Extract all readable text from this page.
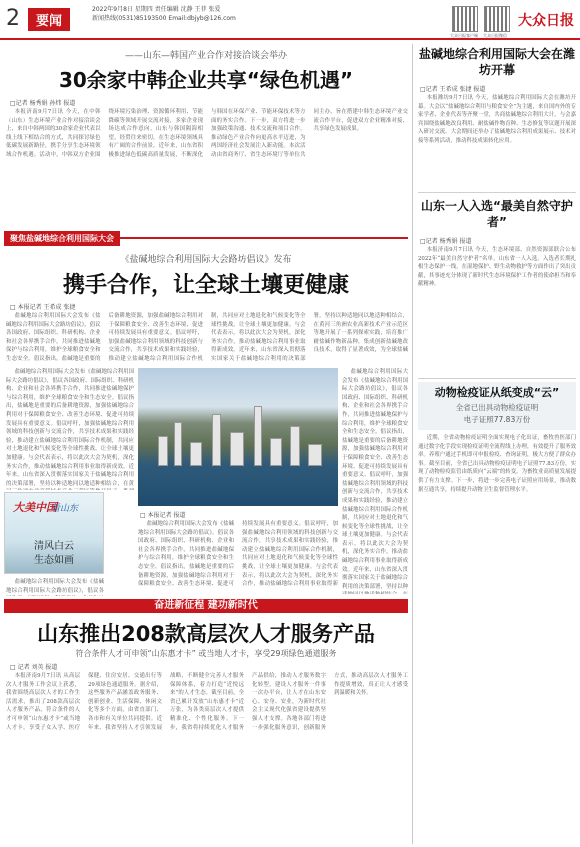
2	要闻
2022年9月8日 星期四 责任编辑 沈静 王菲 张爱
新闻热线(0531)85193500 Email:dbjyb@126.com
大众日报客户端 大众日报微信
大众日报
——山东—韩国产业合作对接洽谈会举办
30余家中韩企业共享“绿色机遇”
□记者 杨秀娟 孙炜 报道

本报济南9月7日讯 今天，在中韩（山东）生态环境产业合作对接洽谈会上，来自中韩两国的30余家企业代表以线上线下相结合的方式，共同探讨绿色低碳发展新路径，携手分享生态环境领域合作机遇。活动中，中韩双方企业围绕环境污染治理、资源循环利用、节能降碳等领域开展交流对接，多家企业现场达成合作意向。山东与韩国隔海相望，经贸往来密切，在生态环境领域具有广阔的合作前景。近年来，山东省积极推进绿色低碳高质量发展，不断深化与韩国在环保产业、节能环保技术等方面的务实合作。下一步，双方将进一步加强政策沟通、技术交流和项目合作，推动绿色产业合作向更高水平迈进，为两国经济社会发展注入新动能。本次活动由省商务厅、省生态环境厅等单位共同主办，旨在搭建中韩生态环境产业交流合作平台，促进双方企业精准对接，共享绿色发展成果。

聚焦盐碱地综合利用国际大会
《盐碱地综合利用国际大会路坊倡议》发布
携手合作，让全球土壤更健康
□ 本报记者 王希成 张捷

盐碱地综合利用国际大会发布《盐碱地综合利用国际大会路坊倡议》，倡议各国政府、国际组织、科研机构、企业和社会各界携手合作，共同推进盐碱地保护与综合利用，维护全球粮食安全和生态安全。倡议指出，盐碱地是重要的后备耕地资源，加强盐碱地综合利用对于保障粮食安全、改善生态环境、促进可持续发展具有重要意义。倡议呼吁，加强盐碱地综合利用领域的科技创新与交流合作，共享技术成果和实践经验，推动建立盐碱地综合利用国际合作机制，共同应对土地退化和气候变化等全球性挑战，让全球土壤更加健康。与会代表表示，将以此次大会为契机，深化务实合作，推动盐碱地综合利用事业取得新成效。近年来，山东省深入贯彻落实国家关于盐碱地综合利用的决策部署，坚持以种适地同以地适种相结合，在黄河三角洲农业高新技术产业示范区等地开展了一系列探索实践，培育推广耐盐碱作物新品种，集成创新盐碱地改良技术，取得了显著成效，为全球盐碱

盐碱地综合利用国际大会发布《盐碱地综合利用国际大会路坊倡议》，倡议各国政府、国际组织、科研机构、企业和社会各界携手合作，共同推进盐碱地保护与综合利用，维护全球粮食安全和生态安全。倡议指出，盐碱地是重要的后备耕地资源，加强盐碱地综合利用对于保障粮食安全、改善生态环境、促进可持续发展具有重要意义。倡议呼吁，加强盐碱地综合利用领域的科技创新与交流合作，共享技术成果和实践经验，推动建立盐碱地综合利用国际合作机制，共同应对土地退化和气候变化等全球性挑战，让全球土壤更加健康。与会代表表示，将以此次大会为契机，深化务实合作，推动盐碱地综合利用事业取得新成效。近年来，山东省深入贯彻落实国家关于盐碱地综合利用的决策部署，坚持以种适地同以地适种相结合，在黄

盐碱地综合利用国际大会发布《盐碱地综合利用国际大会路坊倡议》，倡议各国政府、国际组织、科研机构、企业和社会各界携手合作，共同推进盐碱地保护与综合利用，维护全球粮食安全和生态安全。倡议指出，盐碱地是重要的后备耕地资源，加强盐碱地综合利用对于保障粮食安全、改善生态环境、促进可持续发展具有重要意义。倡议呼吁，加强盐碱地综合利用领域的科技创新与交流合作，共享技术成果和实践经验，推动建立盐碱地综合利用国际合作机制，共同应对土地退化和气候变化等全球性挑战，让全球土壤更加健康。与会代表表示，将以此次大会为契机，深化务实合作，推动盐碱地综合利用事业取得新成效。近年来，山东省深入贯彻落实国家关于盐碱地综合利用的决策部署，坚持以种

□ 本报记者 报道

盐碱地综合利用国际大会发布《盐碱地综合利用国际大会路坊倡议》，倡议各国政府、国际组织、科研机构、企业和社会各界携手合作，共同推进盐碱地保护与综合利用，维护全球粮食安全和生态安全。倡议指出，盐碱地是重要的后备耕地资源，加强盐碱地综合利用对于保障粮食安全、改善生态环境、促进可持续发展具有重要意义。倡议呼吁，加强盐碱地综合利用领域的科技创新与交流合作，共享技术成果和实践经验，推动建立盐碱地综合利用国际合作机制，共同应对土地退化和气候变化等全球性挑战，让全球土壤更加健康。与会代表表示，将以此次大会为契机，深化务实合作，推动盐碱地综合利用事业取得新

大美中国
看山东
清风白云
生态如画

盐碱地综合利用国际大会发布《盐碱地综合利用国际大会路坊倡议》，倡议各

奋进新征程 建功新时代
山东推出208款高层次人才服务产品
符合条件人才可申领“山东惠才卡” 或当地人才卡，享受29项绿色通道服务
□ 记者 刘英 报道

本报济南9月7日讯 从高层次人才服务工作会议上获悉，我省围绕高层次人才的工作生活需求，推出了208款高层次人才服务产品，符合条件的人才可申领“山东惠才卡”或当地人才卡，享受子女入学、医疗保健、住房安居、交通出行等29项绿色通道服务。据介绍，这些服务产品涵盖政务服务、创新创业、生活保障、休闲文化等多个方面，由省直部门、各市和有关单位共同提供。近年来，我省坚持人才引领发展战略，不断健全完善人才服务保障体系，着力打造“近悦远来”的人才生态。截至目前，全省已累计发放“山东惠才卡”近万张，为各类高层次人才提供精准化、个性化服务。下一步，我省将持续优化人才服务产品供给，推动人才服务数字化转型，建设人才服务一件事一次办平台，让人才在山东安心、安身、安业，为新时代社会主义现代化强省建设提供坚强人才支撑。各地各部门将进一步强化服务意识，创新服务方式，推动高层次人才服务工作提质增效，真正让人才感受到温暖和关怀。

盐碱地综合利用国际大会在潍坊开幕
□记者 王希成 张捷 报道

本报潍坊9月7日讯 今天，盐碱地综合利用国际大会在潍坊开幕。大会以“盐碱地综合利用与粮食安全”为主题，来自国内外的专家学者、企业代表等齐聚一堂，共商盐碱地综合利用大计。与会嘉宾围绕盐碱地改良利用、耐盐碱作物育种、生态修复等议题开展深入研讨交流。大会期间还举办了盐碱地综合利用成果展示、技术对接等系列活动，推动科技成果转化应用。

山东一人入选“最美自然守护者”
□记者 杨秀娟 报道

本报济南9月7日讯 今天，生态环境部、自然资源部联合公布2022年“最美自然守护者”名单，山东省一人入选。入选者长期扎根生态保护一线，在湿地保护、野生动物救护等方面作出了突出贡献，其事迹充分体现了新时代生态环境保护工作者的使命担当和奉献精神。

动物检疫证从纸变成“云”
全省已出具动物检疫证明
电子证照77.83万份

近期，全省动物检疫证明全面实现电子化出证，畜牧兽医部门通过数字化手段实现检疫证明全流程线上办理，有效提升了服务效率。养殖户通过手机即可申报检疫、查询证明，极大方便了群众办事。截至目前，全省已出具动物检疫证明电子证照77.83万份，实现了动物检疫监管由纸质向“云端”的转变，为畜牧业高质量发展提供了有力支撑。下一步，将进一步完善电子证照应用场景，推动数据互通共享，持续提升动物卫生监督管理水平。
